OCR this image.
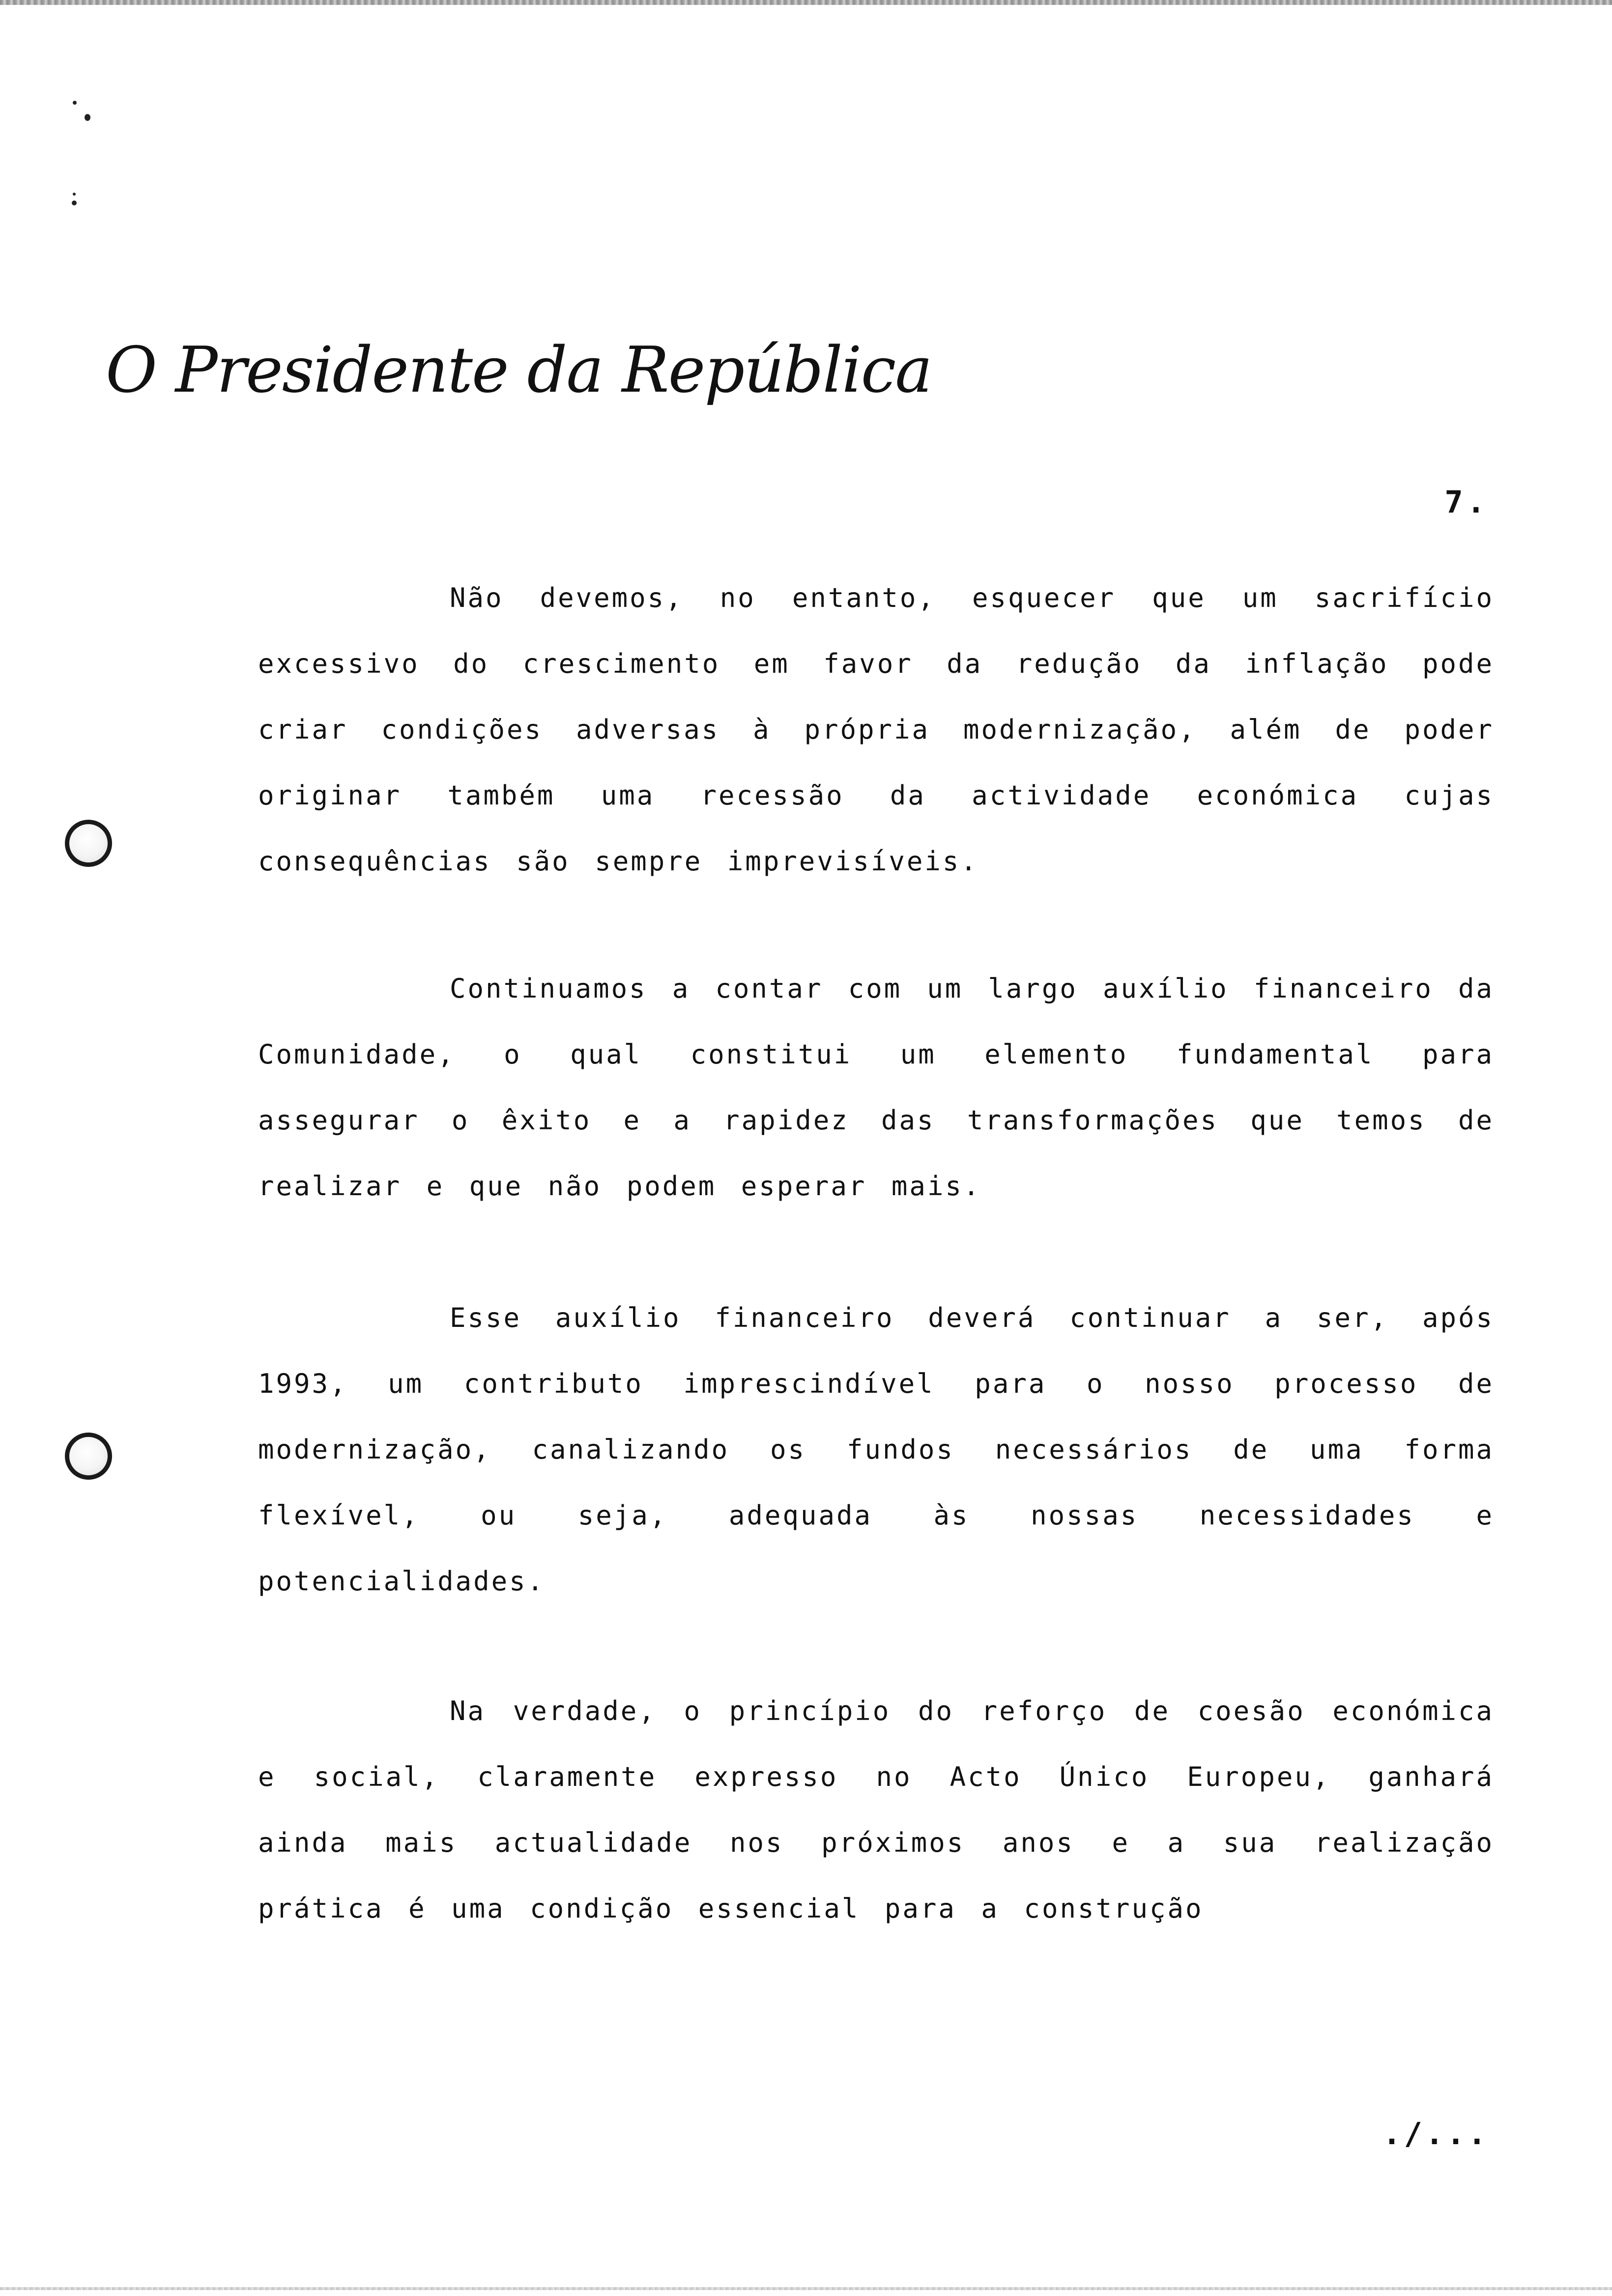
O Presidente da República
7.

Não devemos, no entanto, esquecer que um sacrifício excessivo do crescimento em favor da redução da inflação pode criar condições adversas à própria modernização, além de poder originar também uma recessão da actividade económica cujas consequências são sempre imprevisíveis.

Continuamos a contar com um largo auxílio financeiro da Comunidade, o qual constitui um elemento fundamental para assegurar o êxito e a rapidez das transformações que temos de realizar e que não podem esperar mais.

Esse auxílio financeiro deverá continuar a ser, após 1993, um contributo imprescindível para o nosso processo de modernização, canalizando os fundos necessários de uma forma flexível, ou seja, adequada às nossas necessidades e potencialidades.

Na verdade, o princípio do reforço de coesão económica e social, claramente expresso no Acto Único Europeu, ganhará ainda mais actualidade nos próximos anos e a sua realização prática é uma condição essencial para a construção

./...
